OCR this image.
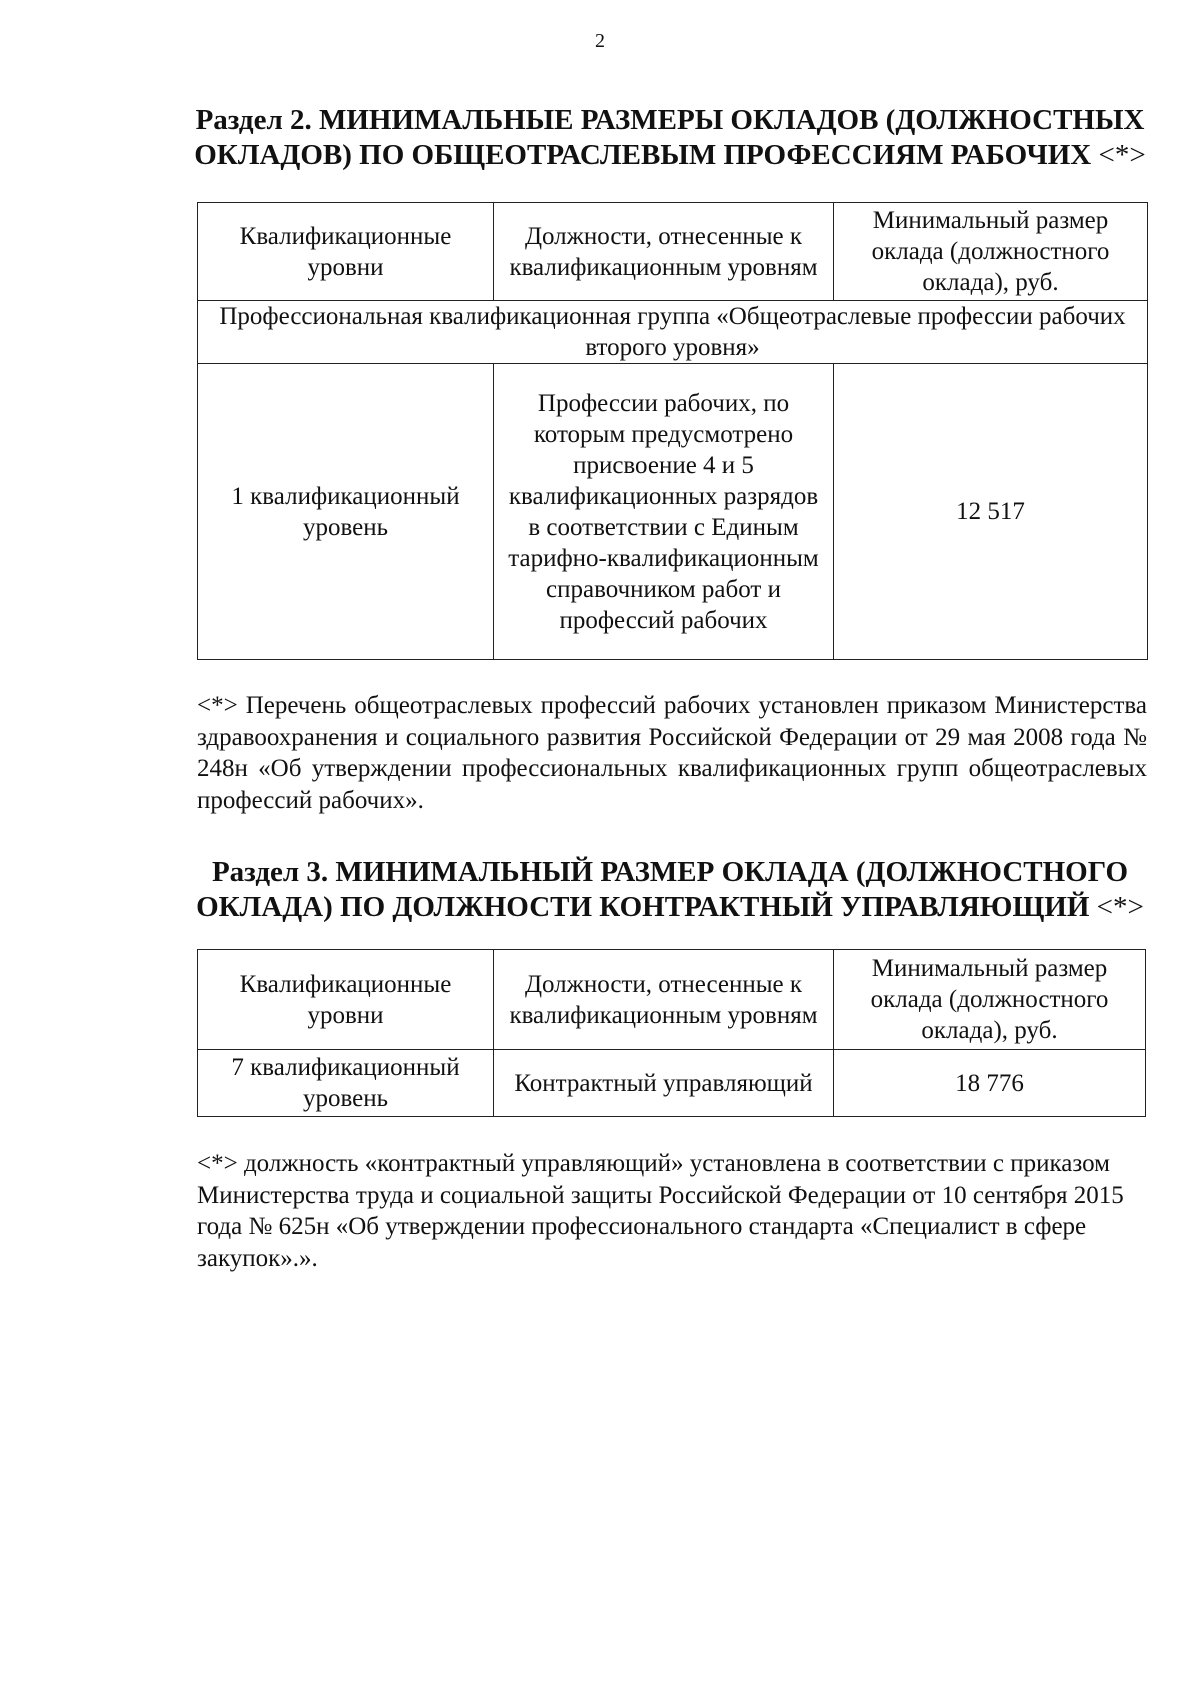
2
Раздел 2. МИНИМАЛЬНЫЕ РАЗМЕРЫ ОКЛАДОВ (ДОЛЖНОСТНЫХ ОКЛАДОВ) ПО ОБЩЕОТРАСЛЕВЫМ ПРОФЕССИЯМ РАБОЧИХ <*>
Квалификационные уровни	Должности, отнесенные к квалификационным уровням	Минимальный размер оклада (должностного оклада), руб.
Профессиональная квалификационная группа «Общеотраслевые профессии рабочих второго уровня»		
1 квалификационный уровень	Профессии рабочих, по которым предусмотрено присвоение 4 и 5 квалификационных разрядов в соответствии с Единым тарифно-квалификационным справочником работ и профессий рабочих	12 517

<*> Перечень общеотраслевых профессий рабочих установлен приказом Министерства здравоохранения и социального развития Российской Федерации от 29 мая 2008 года № 248н «Об утверждении профессиональных квалификационных групп общеотраслевых профессий рабочих».

Раздел 3. МИНИМАЛЬНЫЙ РАЗМЕР ОКЛАДА (ДОЛЖНОСТНОГО ОКЛАДА) ПО ДОЛЖНОСТИ КОНТРАКТНЫЙ УПРАВЛЯЮЩИЙ <*>
Квалификационные уровни	Должности, отнесенные к квалификационным уровням	Минимальный размер оклада (должностного оклада), руб.
7 квалификационный уровень	Контрактный управляющий	18 776

<*> должность «контрактный управляющий» установлена в соответствии с приказом Министерства труда и социальной защиты Российской Федерации от 10 сентября 2015 года № 625н «Об утверждении профессионального стандарта «Специалист в сфере закупок».».
